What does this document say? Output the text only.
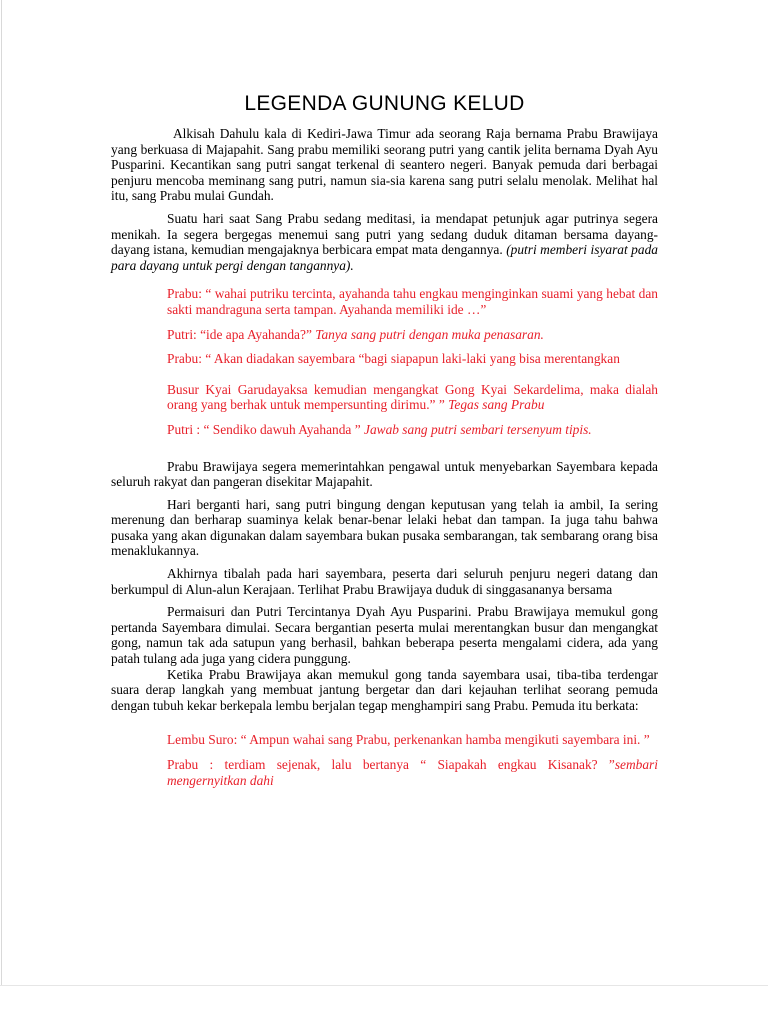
LEGENDA GUNUNG KELUD

Alkisah Dahulu kala di Kediri-Jawa Timur ada seorang Raja bernama Prabu Brawijaya yang berkuasa di Majapahit. Sang prabu memiliki seorang putri yang cantik jelita bernama Dyah Ayu Pusparini. Kecantikan sang putri sangat terkenal di seantero negeri. Banyak pemuda dari berbagai penjuru mencoba meminang sang putri, namun sia-sia karena sang putri selalu menolak. Melihat hal itu, sang Prabu mulai Gundah.

Suatu hari saat Sang Prabu sedang meditasi, ia mendapat petunjuk agar putrinya segera menikah. Ia segera bergegas menemui sang putri yang sedang duduk ditaman bersama dayang- dayang istana, kemudian mengajaknya berbicara empat mata dengannya. (putri memberi isyarat pada para dayang untuk pergi dengan tangannya).

Prabu: “ wahai putriku tercinta, ayahanda tahu engkau menginginkan suami yang hebat dan sakti mandraguna serta tampan. Ayahanda memiliki ide …”

Putri: “ide apa Ayahanda?” Tanya sang putri dengan muka penasaran.

Prabu: “ Akan diadakan sayembara “bagi siapapun laki-laki yang bisa merentangkan

Busur Kyai Garudayaksa kemudian mengangkat Gong Kyai Sekardelima, maka dialah orang yang berhak untuk mempersunting dirimu.” ” Tegas sang Prabu

Putri : “ Sendiko dawuh Ayahanda ” Jawab sang putri sembari tersenyum tipis.

Prabu Brawijaya segera memerintahkan pengawal untuk menyebarkan Sayembara kepada seluruh rakyat dan pangeran disekitar Majapahit.

Hari berganti hari, sang putri bingung dengan keputusan yang telah ia ambil, Ia sering merenung dan berharap suaminya kelak benar-benar lelaki hebat dan tampan. Ia juga tahu bahwa pusaka yang akan digunakan dalam sayembara bukan pusaka sembarangan, tak sembarang orang bisa menaklukannya.

Akhirnya tibalah pada hari sayembara, peserta dari seluruh penjuru negeri datang dan berkumpul di Alun-alun Kerajaan. Terlihat Prabu Brawijaya duduk di singgasananya bersama

Permaisuri dan Putri Tercintanya Dyah Ayu Pusparini. Prabu Brawijaya memukul gong pertanda Sayembara dimulai. Secara bergantian peserta mulai merentangkan busur dan mengangkat gong, namun tak ada satupun yang berhasil, bahkan beberapa peserta mengalami cidera, ada yang patah tulang ada juga yang cidera punggung.

Ketika Prabu Brawijaya akan memukul gong tanda sayembara usai, tiba-tiba terdengar suara derap langkah yang membuat jantung bergetar dan dari kejauhan terlihat seorang pemuda dengan tubuh kekar berkepala lembu berjalan tegap menghampiri sang Prabu. Pemuda itu berkata:

Lembu Suro: “ Ampun wahai sang Prabu, perkenankan hamba mengikuti sayembara ini. ”

Prabu : terdiam sejenak, lalu bertanya “ Siapakah engkau Kisanak? ”sembari mengernyitkan dahi
